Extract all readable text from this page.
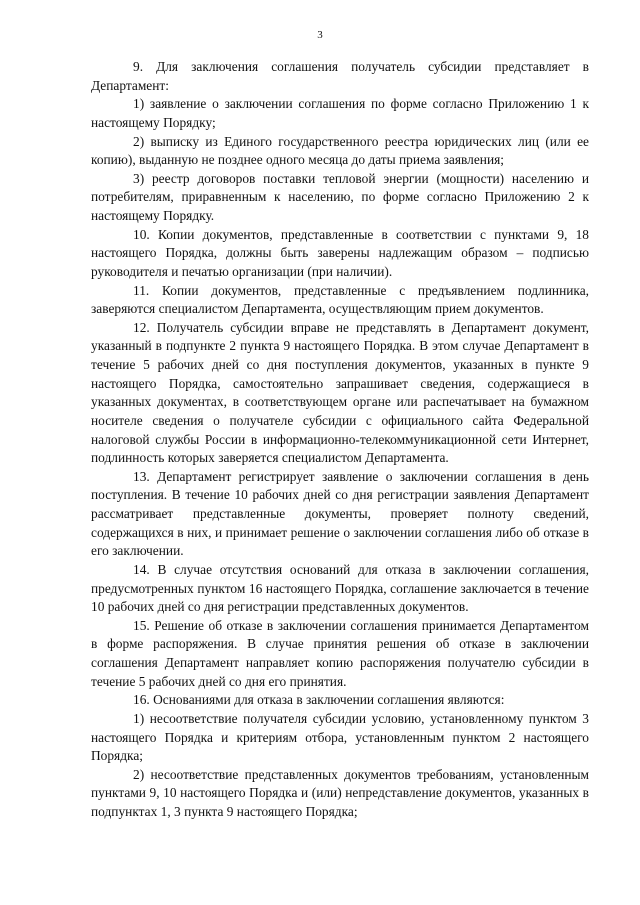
3

9. Для заключения соглашения получатель субсидии представляет в Департамент:

1) заявление о заключении соглашения по форме согласно Приложению 1 к настоящему Порядку;

2) выписку из Единого государственного реестра юридических лиц (или ее копию), выданную не позднее одного месяца до даты приема заявления;

3) реестр договоров поставки тепловой энергии (мощности) населению и потребителям, приравненным к населению, по форме согласно Приложению 2 к настоящему Порядку.

10. Копии документов, представленные в соответствии с пунктами 9, 18 настоящего Порядка, должны быть заверены надлежащим образом – подписью руководителя и печатью организации (при наличии).

11. Копии документов, представленные с предъявлением подлинника, заверяются специалистом Департамента, осуществляющим прием документов.

12. Получатель субсидии вправе не представлять в Департамент документ, указанный в подпункте 2 пункта 9 настоящего Порядка. В этом случае Департамент в течение 5 рабочих дней со дня поступления документов, указанных в пункте 9 настоящего Порядка, самостоятельно запрашивает сведения, содержащиеся в указанных документах, в соответствующем органе или распечатывает на бумажном носителе сведения о получателе субсидии с официального сайта Федеральной налоговой службы России в информационно-телекоммуникационной сети Интернет, подлинность которых заверяется специалистом Департамента.

13. Департамент регистрирует заявление о заключении соглашения в день поступления. В течение 10 рабочих дней со дня регистрации заявления Департамент рассматривает представленные документы, проверяет полноту сведений, содержащихся в них, и принимает решение о заключении соглашения либо об отказе в его заключении.

14. В случае отсутствия оснований для отказа в заключении соглашения, предусмотренных пунктом 16 настоящего Порядка, соглашение заключается в течение 10 рабочих дней со дня регистрации представленных документов.

15. Решение об отказе в заключении соглашения принимается Департаментом в форме распоряжения. В случае принятия решения об отказе в заключении соглашения Департамент направляет копию распоряжения получателю субсидии в течение 5 рабочих дней со дня его принятия.

16. Основаниями для отказа в заключении соглашения являются:

1) несоответствие получателя субсидии условию, установленному пунктом 3 настоящего Порядка и критериям отбора, установленным пунктом 2 настоящего Порядка;

2) несоответствие представленных документов требованиям, установленным пунктами 9, 10 настоящего Порядка и (или) непредставление документов, указанных в подпунктах 1, 3 пункта 9 настоящего Порядка;
